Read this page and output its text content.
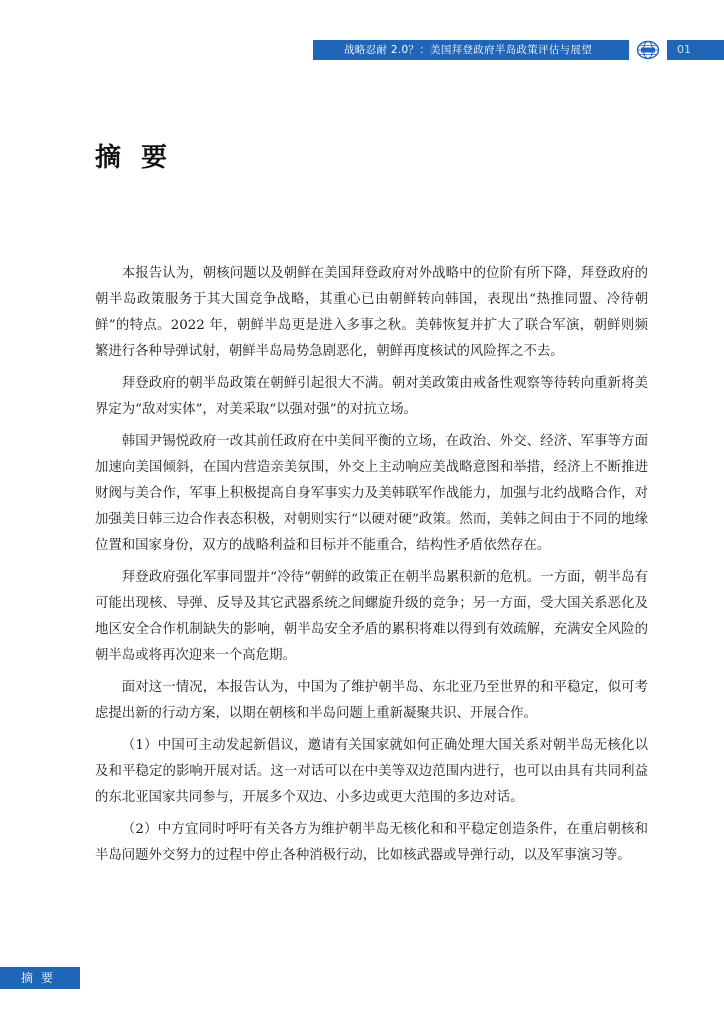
战略忍耐 2.0？：美国拜登政府半岛政策评估与展望	01
摘要

本报告认为，朝核问题以及朝鲜在美国拜登政府对外战略中的位阶有所下降，拜登政府的朝半岛政策服务于其大国竞争战略，其重心已由朝鲜转向韩国，表现出“热推同盟、冷待朝鲜”的特点。2022 年，朝鲜半岛更是进入多事之秋。美韩恢复并扩大了联合军演，朝鲜则频繁进行各种导弹试射，朝鲜半岛局势急剧恶化，朝鲜再度核试的风险挥之不去。

拜登政府的朝半岛政策在朝鲜引起很大不满。朝对美政策由戒备性观察等待转向重新将美界定为“敌对实体”，对美采取“以强对强”的对抗立场。

韩国尹锡悦政府一改其前任政府在中美间平衡的立场，在政治、外交、经济、军事等方面加速向美国倾斜，在国内营造亲美氛围，外交上主动响应美战略意图和举措，经济上不断推进财阀与美合作，军事上积极提高自身军事实力及美韩联军作战能力，加强与北约战略合作，对加强美日韩三边合作表态积极，对朝则实行“以硬对硬”政策。然而，美韩之间由于不同的地缘位置和国家身份，双方的战略利益和目标并不能重合，结构性矛盾依然存在。

拜登政府强化军事同盟并“冷待”朝鲜的政策正在朝半岛累积新的危机。一方面，朝半岛有可能出现核、导弹、反导及其它武器系统之间螺旋升级的竞争；另一方面，受大国关系恶化及地区安全合作机制缺失的影响，朝半岛安全矛盾的累积将难以得到有效疏解，充满安全风险的朝半岛或将再次迎来一个高危期。

面对这一情况，本报告认为，中国为了维护朝半岛、东北亚乃至世界的和平稳定，似可考虑提出新的行动方案，以期在朝核和半岛问题上重新凝聚共识、开展合作。

（1）中国可主动发起新倡议，邀请有关国家就如何正确处理大国关系对朝半岛无核化以及和平稳定的影响开展对话。这一对话可以在中美等双边范围内进行，也可以由具有共同利益的东北亚国家共同参与，开展多个双边、小多边或更大范围的多边对话。

（2）中方宜同时呼吁有关各方为维护朝半岛无核化和和平稳定创造条件，在重启朝核和半岛问题外交努力的过程中停止各种消极行动，比如核武器或导弹行动，以及军事演习等。

摘要
